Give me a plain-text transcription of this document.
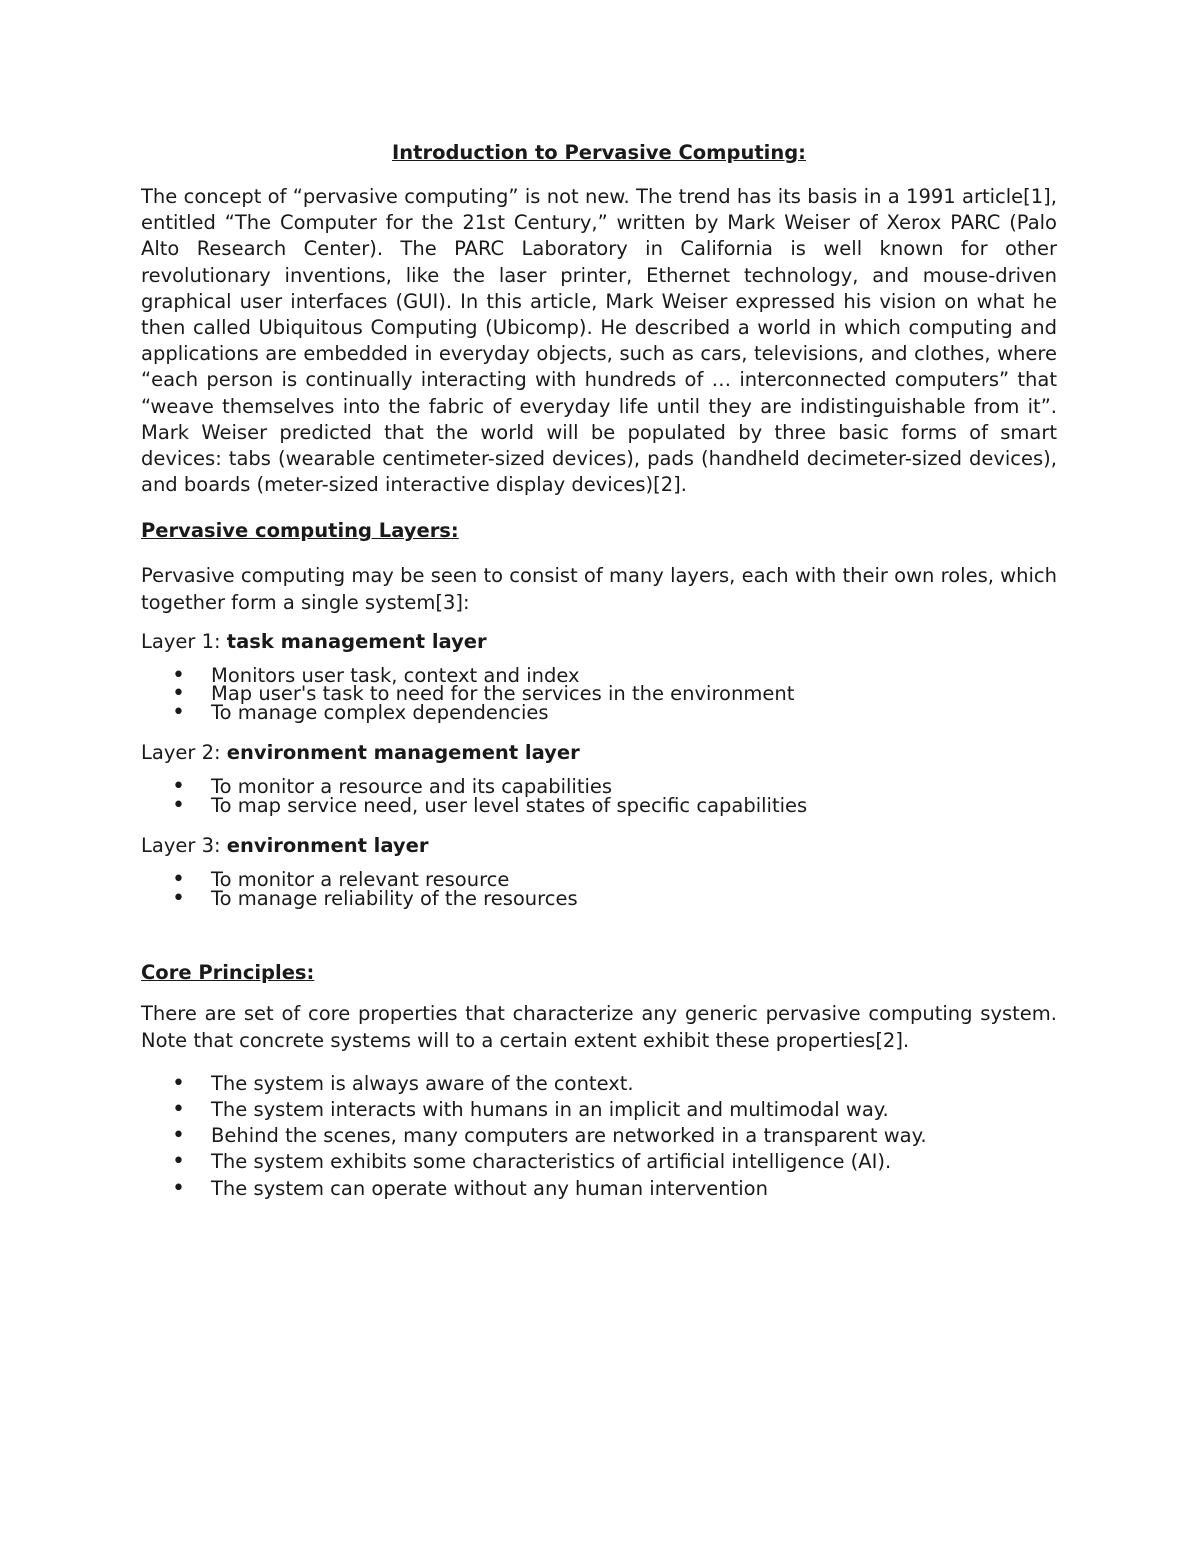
Introduction to Pervasive Computing:

The concept of “pervasive computing” is not new. The trend has its basis in a 1991 article[1], entitled “The Computer for the 21st Century,” written by Mark Weiser of Xerox PARC (Palo Alto Research Center). The PARC Laboratory in California is well known for other revolutionary inventions, like the laser printer, Ethernet technology, and mouse-driven graphical user interfaces (GUI). In this article, Mark Weiser expressed his vision on what he then called Ubiquitous Computing (Ubicomp). He described a world in which computing and applications are embedded in everyday objects, such as cars, televisions, and clothes, where “each person is continually interacting with hundreds of … interconnected computers” that “weave themselves into the fabric of everyday life until they are indistinguishable from it”. Mark Weiser predicted that the world will be populated by three basic forms of smart devices: tabs (wearable centimeter-sized devices), pads (handheld decimeter-sized devices), and boards (meter-sized interactive display devices)[2].

Pervasive computing Layers:

Pervasive computing may be seen to consist of many layers, each with their own roles, which together form a single system[3]:

Layer 1: task management layer

• Monitors user task, context and index
• Map user's task to need for the services in the environment
• To manage complex dependencies

Layer 2: environment management layer

• To monitor a resource and its capabilities
• To map service need, user level states of specific capabilities

Layer 3: environment layer

• To monitor a relevant resource
• To manage reliability of the resources

Core Principles:

There are set of core properties that characterize any generic pervasive computing system. Note that concrete systems will to a certain extent exhibit these properties[2].

• The system is always aware of the context.
• The system interacts with humans in an implicit and multimodal way.
• Behind the scenes, many computers are networked in a transparent way.
• The system exhibits some characteristics of artificial intelligence (AI).
• The system can operate without any human intervention
